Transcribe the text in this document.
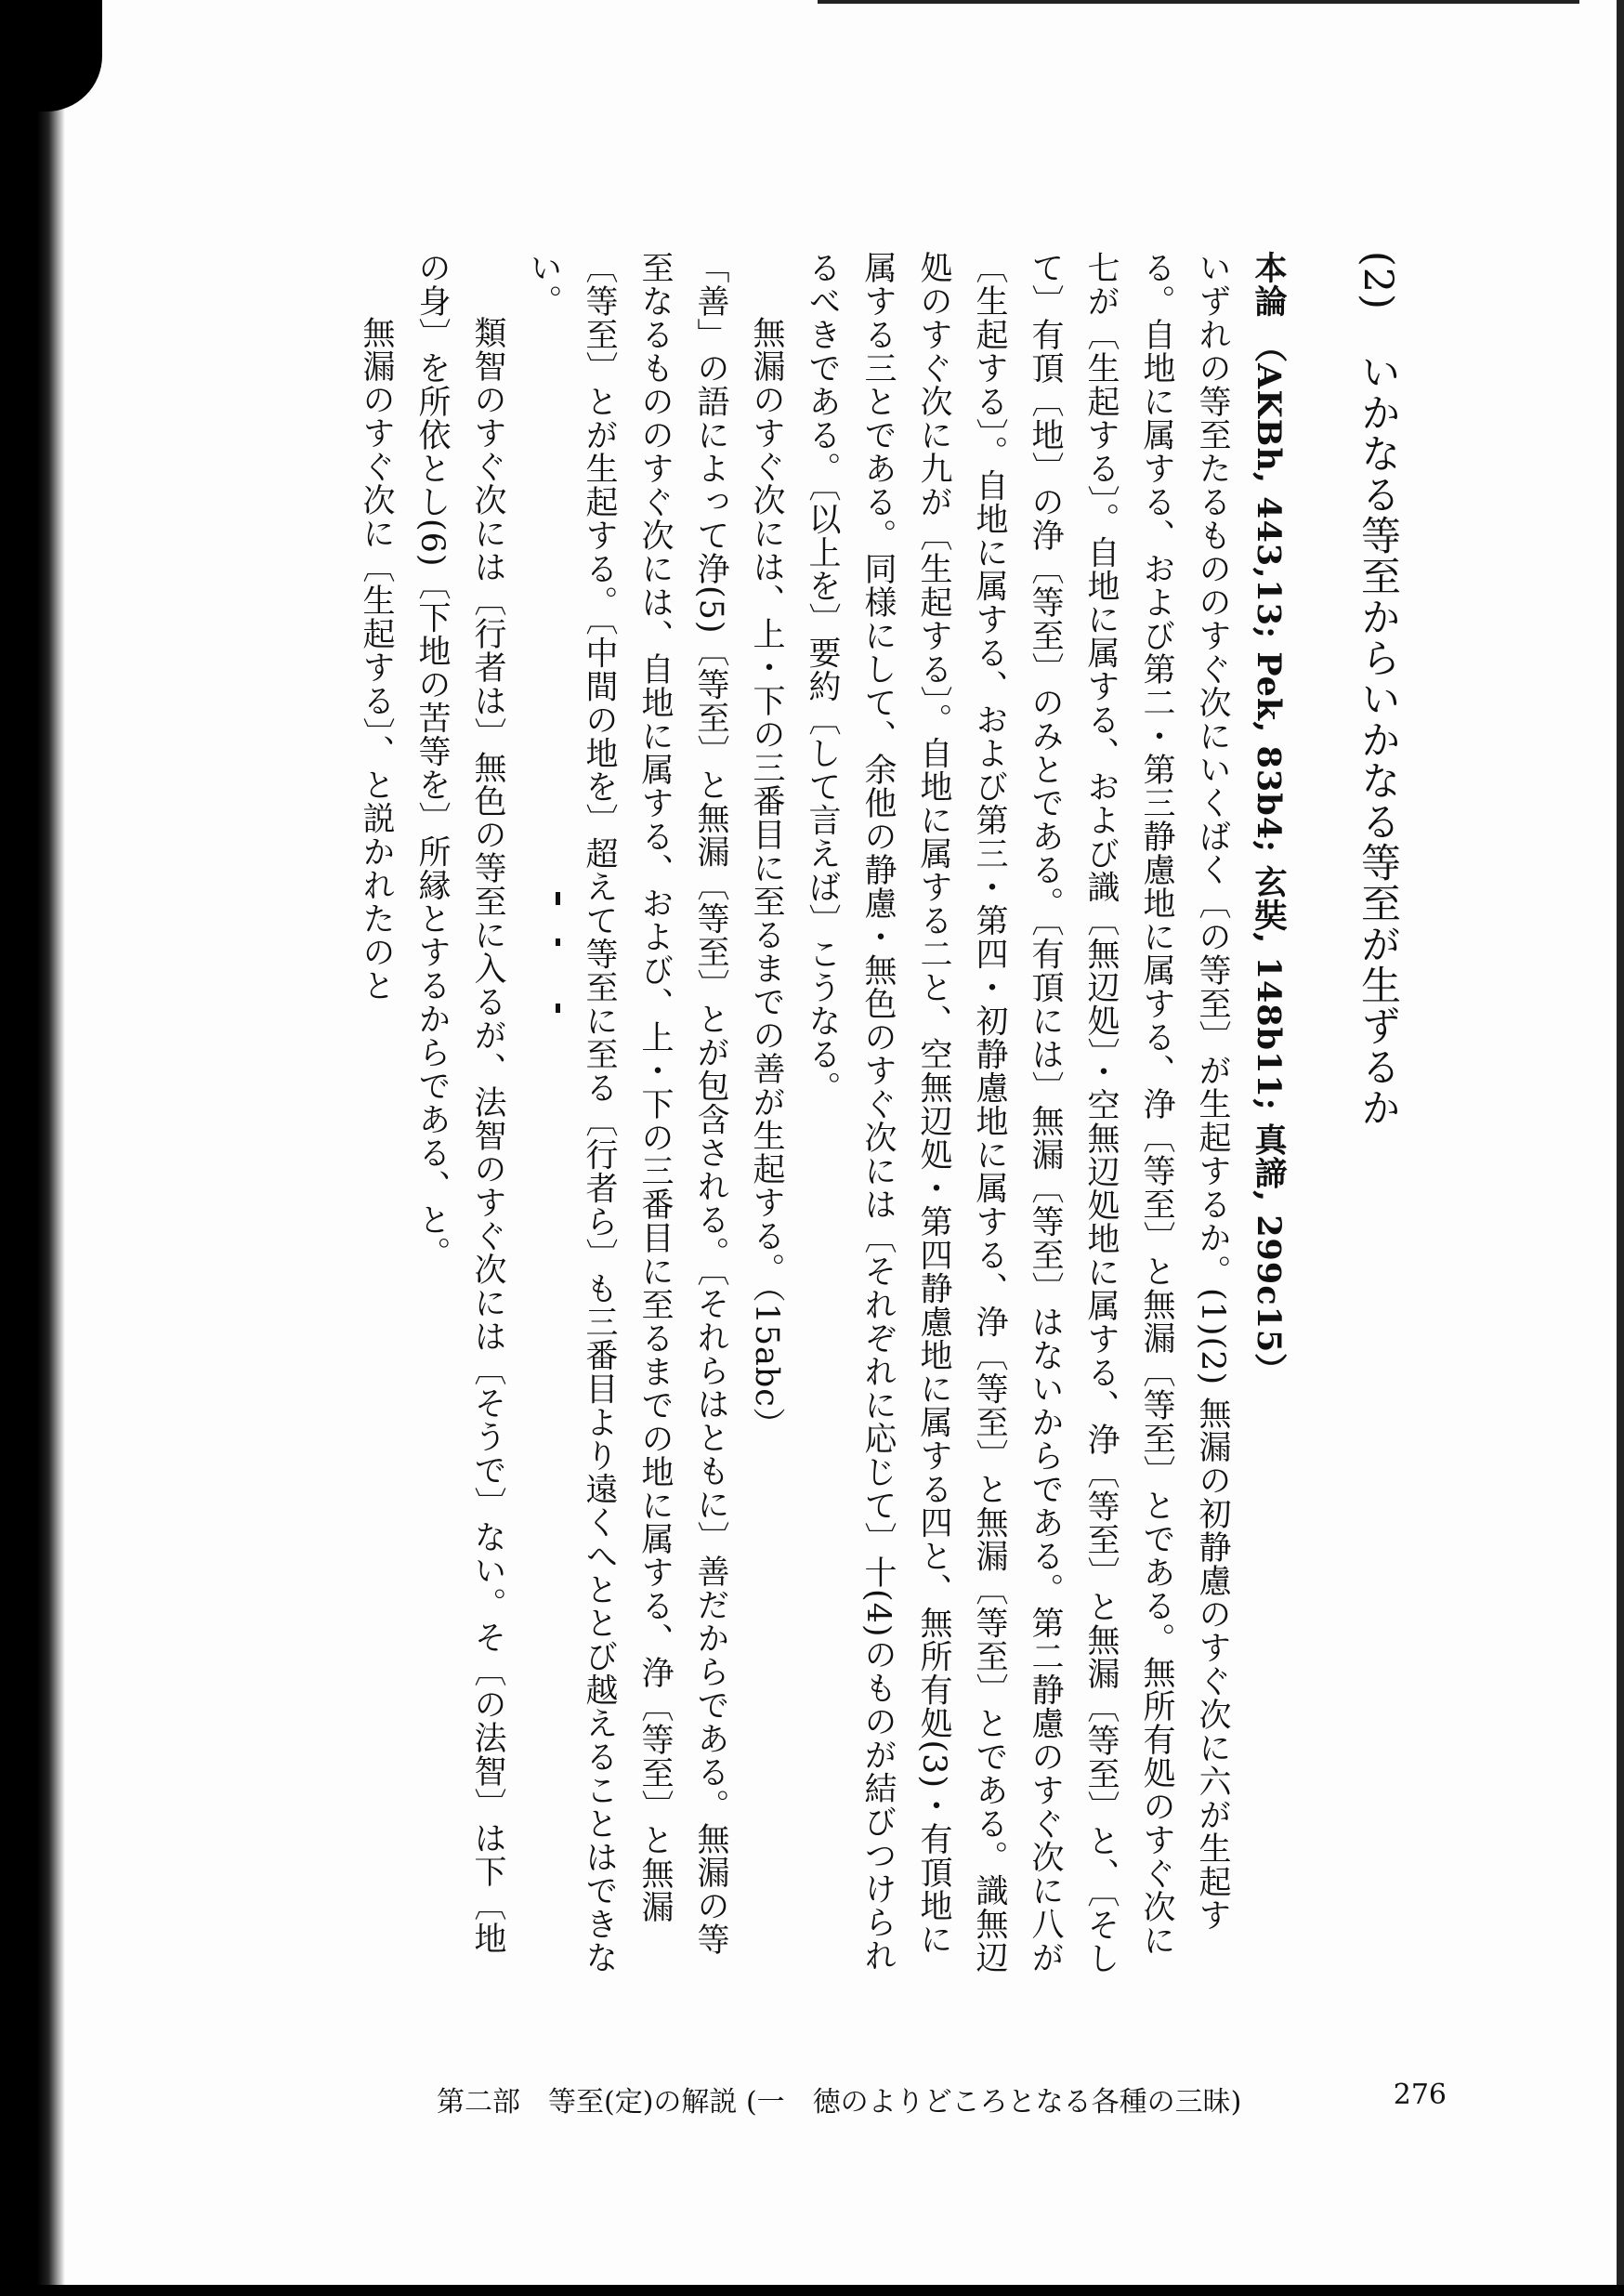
(2)いかなる等至からいかなる等至が生ずるか

本論 （AKBh, 443,13; Pek, 83b4; 玄奘, 148b11; 真諦, 299c15）

いずれの等至たるもののすぐ次にいくばく〔の等至〕が生起するか。(1)(2) 無漏の初静慮のすぐ次に六が生起する。自地に属する、および第二・第三静慮地に属する、浄〔等至〕と無漏〔等至〕とである。無所有処のすぐ次に七が〔生起する〕。自地に属する、および識〔無辺処〕・空無辺処地に属する、浄〔等至〕と無漏〔等至〕と、〔そして〕有頂〔地〕の浄〔等至〕のみとである。〔有頂には〕無漏〔等至〕はないからである。第二静慮のすぐ次に八が〔生起する〕。自地に属する、および第三・第四・初静慮地に属する、浄〔等至〕と無漏〔等至〕とである。識無辺処のすぐ次に九が〔生起する〕。自地に属する二と、空無辺処・第四静慮地に属する四と、無所有処(3)・有頂地に属する三とである。同様にして、余他の静慮・無色のすぐ次には〔それぞれに応じて〕十(4)のものが結びつけられるべきである。〔以上を〕要約〔して言えば〕こうなる。

無漏のすぐ次には、上・下の三番目に至るまでの善が生起する。（15abc）

「善」の語によって浄(5)〔等至〕と無漏〔等至〕とが包含される。〔それらはともに〕善だからである。無漏の等至なるもののすぐ次には、自地に属する、および、上・下の三番目に至るまでの地に属する、浄〔等至〕と無漏〔等至〕とが生起する。〔中間の地を〕超えて等至に至る〔行者ら〕も三番目より遠くへととび越えることはできない。

類智のすぐ次には〔行者は〕無色の等至に入るが、法智のすぐ次には〔そうで〕ない。そ〔の法智〕は下〔地の身〕を所依とし(6)〔下地の苦等を〕所縁とするからである、と。

無漏のすぐ次に〔生起する〕、と説かれたのと

第二部　等至(定)の解説 (一　徳のよりどころとなる各種の三昧)	276
